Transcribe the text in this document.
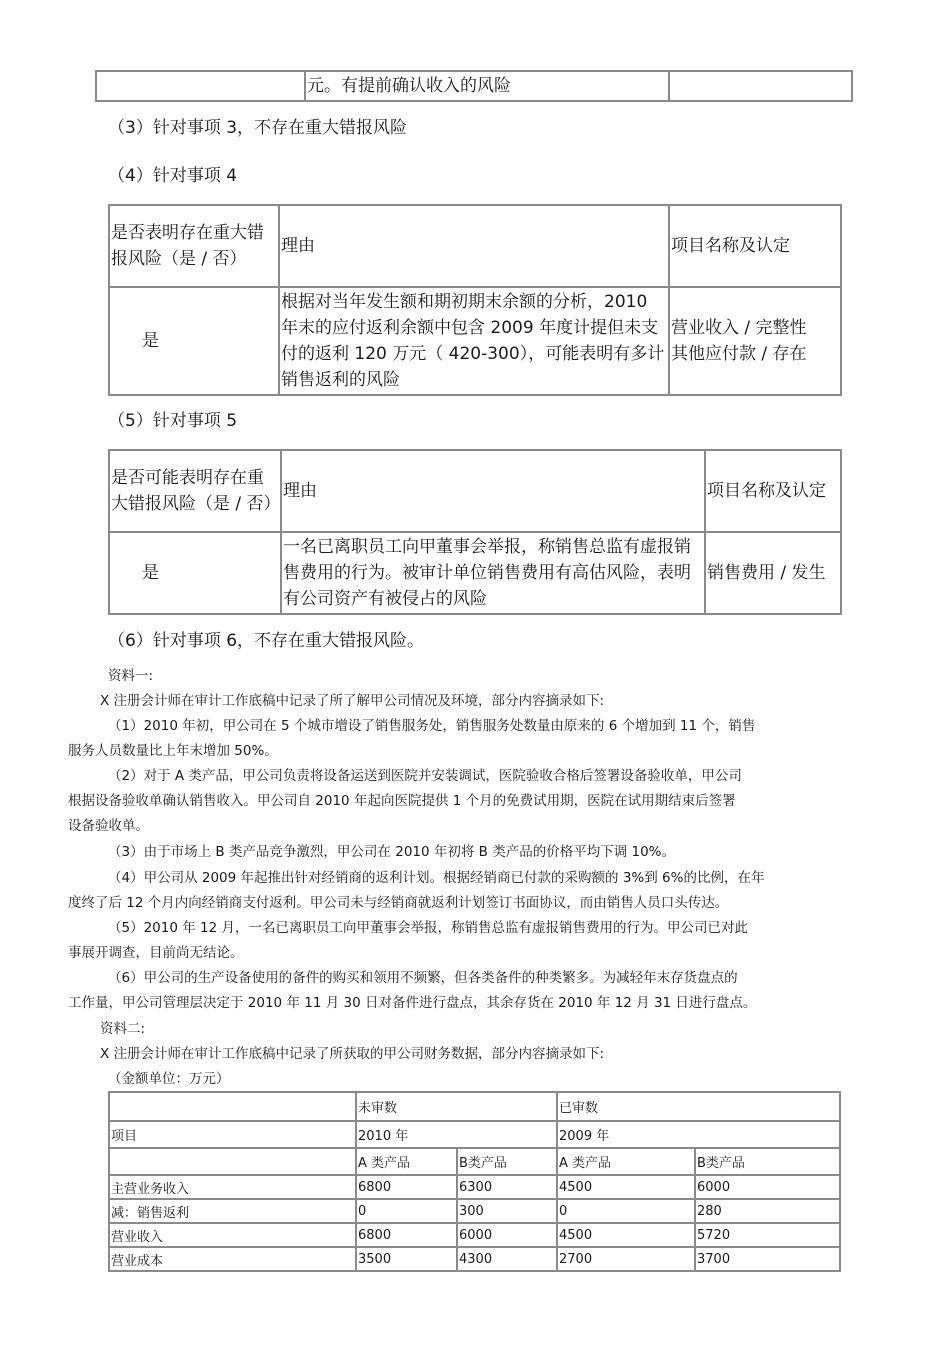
	元。有提前确认收入的风险	
（3）针对事项 3，不存在重大错报风险
（4）针对事项 4
是否表明存在重大错报风险（是 / 否）	理由	项目名称及认定
是	根据对当年发生额和期初期末余额的分析，2010 年末的应付返利余额中包含 2009 年度计提但未支付的返利 120 万元（ 420-300），可能表明有多计销售返利的风险	营业收入 / 完整性
其他应付款 / 存在
（5）针对事项 5
是否可能表明存在重大错报风险（是 / 否）	理由	项目名称及认定
是	一名已离职员工向甲董事会举报，称销售总监有虚报销售费用的行为。被审计单位销售费用有高估风险，表明有公司资产有被侵占的风险	销售费用 / 发生
（6）针对事项 6，不存在重大错报风险。
资料一:
X 注册会计师在审计工作底稿中记录了所了解甲公司情况及环境，部分内容摘录如下:
（1）2010 年初，甲公司在 5 个城市增设了销售服务处，销售服务处数量由原来的 6 个增加到 11 个，销售
服务人员数量比上年末增加 50%。
（2）对于 A 类产品，甲公司负责将设备运送到医院并安装调试，医院验收合格后签署设备验收单，甲公司
根据设备验收单确认销售收入。甲公司自 2010 年起向医院提供 1 个月的免费试用期，医院在试用期结束后签署
设备验收单。
（3）由于市场上 B 类产品竞争激烈，甲公司在 2010 年初将 B 类产品的价格平均下调 10%。
（4）甲公司从 2009 年起推出针对经销商的返利计划。根据经销商已付款的采购额的 3%到 6%的比例，在年
度终了后 12 个月内向经销商支付返利。甲公司未与经销商就返利计划签订书面协议，而由销售人员口头传达。
（5）2010 年 12 月，一名已离职员工向甲董事会举报，称销售总监有虚报销售费用的行为。甲公司已对此
事展开调查，目前尚无结论。
（6）甲公司的生产设备使用的备件的购买和领用不频繁，但各类备件的种类繁多。为减轻年末存货盘点的
工作量，甲公司管理层决定于 2010 年 11 月 30 日对备件进行盘点，其余存货在 2010 年 12 月 31 日进行盘点。
资料二:
X 注册会计师在审计工作底稿中记录了所获取的甲公司财务数据，部分内容摘录如下:
（金额单位：万元）
	未审数		已审数	
项目	2010 年		2009 年	
	A 类产品	B类产品	A 类产品	B类产品
主营业务收入	6800	6300	4500	6000
减：销售返利	0	300	0	280
营业收入	6800	6000	4500	5720
营业成本	3500	4300	2700	3700
